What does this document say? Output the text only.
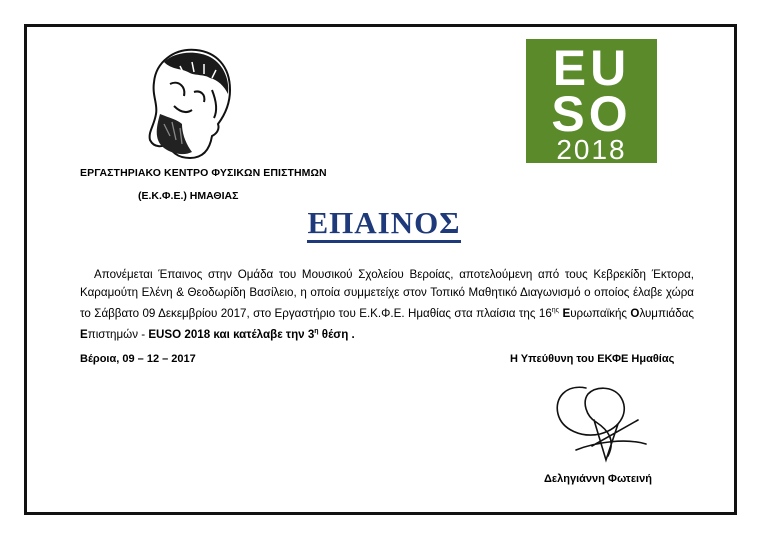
ΕΡΓΑΣΤΗΡΙΑΚΟ ΚΕΝΤΡΟ ΦΥΣΙΚΩΝ ΕΠΙΣΤΗΜΩΝ
(Ε.Κ.Φ.Ε.) ΗΜΑΘΙΑΣ
EU
SO
2018
ΕΠΑΙΝΟΣ
Απονέμεται Έπαινος στην Ομάδα του Μουσικού Σχολείου Βεροίας, αποτελούμενη από τους Κεβρεκίδη Έκτορα, Καραμούτη Ελένη & Θεοδωρίδη Βασίλειο, η οποία συμμετείχε στον Τοπικό Μαθητικό Διαγωνισμό ο οποίος έλαβε χώρα το Σάββατο 09 Δεκεμβρίου 2017, στο Εργαστήριο του Ε.Κ.Φ.Ε. Ημαθίας στα πλαίσια της $16^{\eta\varsigma}$ Ευρωπαϊκής Ολυμπιάδας Επιστημών - EUSO 2018 και κατέλαβε την $3^\eta$ θέση .
Βέροια, 09 – 12 – 2017	Η Υπεύθυνη του ΕΚΦΕ Ημαθίας
Δεληγιάννη Φωτεινή
